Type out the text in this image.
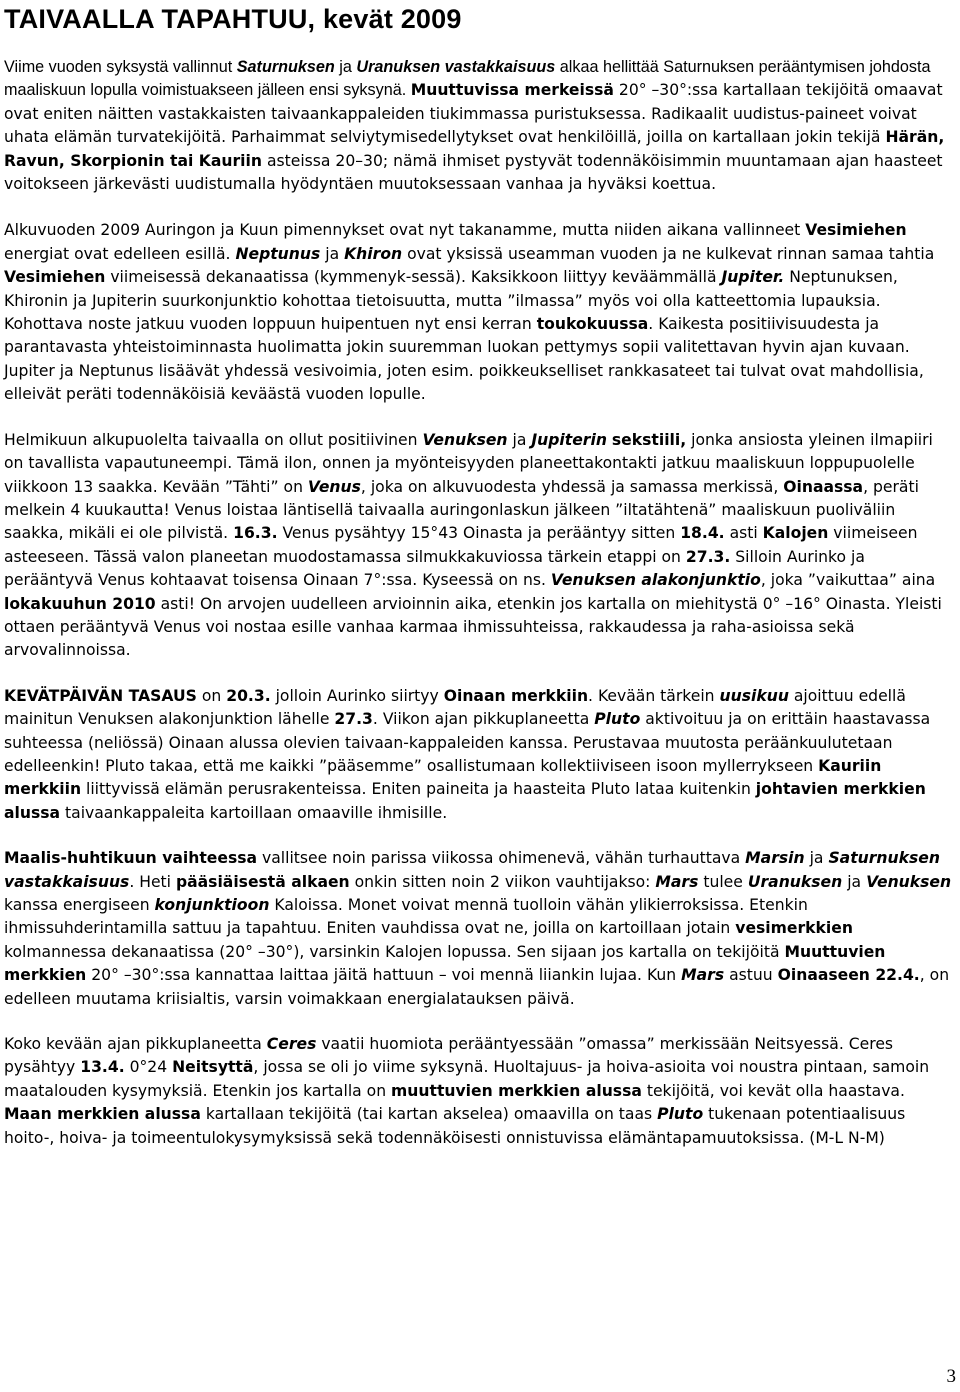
TAIVAALLA TAPAHTUU, kevät 2009

Viime vuoden syksystä vallinnut Saturnuksen ja Uranuksen vastakkaisuus alkaa hellittää Saturnuksen perääntymisen johdosta maaliskuun lopulla voimistuakseen jälleen ensi syksynä. Muuttuvissa merkeissä 20° –30°:ssa kartallaan tekijöitä omaavat ovat eniten näitten vastakkaisten taivaankappaleiden tiukimmassa puristuksessa. Radikaalit uudistus-paineet voivat uhata elämän turvatekijöitä. Parhaimmat selviytymisedellytykset ovat henkilöillä, joilla on kartallaan jokin tekijä Härän, Ravun, Skorpionin tai Kauriin asteissa 20–30; nämä ihmiset pystyvät todennäköisimmin muuntamaan ajan haasteet voitokseen järkevästi uudistumalla hyödyntäen muutoksessaan vanhaa ja hyväksi koettua.

Alkuvuoden 2009 Auringon ja Kuun pimennykset ovat nyt takanamme, mutta niiden aikana vallinneet Vesimiehen energiat ovat edelleen esillä. Neptunus ja Khiron ovat yksissä useamman vuoden ja ne kulkevat rinnan samaa tahtia Vesimiehen viimeisessä dekanaatissa (kymmenyk-sessä). Kaksikkoon liittyy keväämmällä Jupiter. Neptunuksen, Khironin ja Jupiterin suurkonjunktio kohottaa tietoisuutta, mutta ”ilmassa” myös voi olla katteettomia lupauksia. Kohottava noste jatkuu vuoden loppuun huipentuen nyt ensi kerran toukokuussa. Kaikesta positiivisuudesta ja parantavasta yhteistoiminnasta huolimatta jokin suuremman luokan pettymys sopii valitettavan hyvin ajan kuvaan. Jupiter ja Neptunus lisäävät yhdessä vesivoimia, joten esim. poikkeukselliset rankkasateet tai tulvat ovat mahdollisia, elleivät peräti todennäköisiä keväästä vuoden lopulle.

Helmikuun alkupuolelta taivaalla on ollut positiivinen Venuksen ja Jupiterin sekstiili, jonka ansiosta yleinen ilmapiiri on tavallista vapautuneempi. Tämä ilon, onnen ja myönteisyyden planeettakontakti jatkuu maaliskuun loppupuolelle viikkoon 13 saakka. Kevään ”Tähti” on Venus, joka on alkuvuodesta yhdessä ja samassa merkissä, Oinaassa, peräti melkein 4 kuukautta! Venus loistaa läntisellä taivaalla auringonlaskun jälkeen ”iltatähtenä” maaliskuun puoliväliin saakka, mikäli ei ole pilvistä. 16.3. Venus pysähtyy 15°43 Oinasta ja perääntyy sitten 18.4. asti Kalojen viimeiseen asteeseen. Tässä valon planeetan muodostamassa silmukkakuviossa tärkein etappi on 27.3. Silloin Aurinko ja perääntyvä Venus kohtaavat toisensa Oinaan 7°:ssa. Kyseessä on ns. Venuksen alakonjunktio, joka ”vaikuttaa” aina lokakuuhun 2010 asti! On arvojen uudelleen arvioinnin aika, etenkin jos kartalla on miehitystä 0° –16° Oinasta. Yleisti ottaen perääntyvä Venus voi nostaa esille vanhaa karmaa ihmissuhteissa, rakkaudessa ja raha-asioissa sekä arvovalinnoissa.

KEVÄTPÄIVÄN TASAUS on 20.3. jolloin Aurinko siirtyy Oinaan merkkiin. Kevään tärkein uusikuu ajoittuu edellä mainitun Venuksen alakonjunktion lähelle 27.3. Viikon ajan pikkuplaneetta Pluto aktivoituu ja on erittäin haastavassa suhteessa (neliössä) Oinaan alussa olevien taivaan-kappaleiden kanssa. Perustavaa muutosta peräänkuulutetaan edelleenkin! Pluto takaa, että me kaikki ”pääsemme” osallistumaan kollektiiviseen isoon myllerrykseen Kauriin merkkiin liittyvissä elämän perusrakenteissa. Eniten paineita ja haasteita Pluto lataa kuitenkin johtavien merkkien alussa taivaankappaleita kartoillaan omaaville ihmisille.

Maalis-huhtikuun vaihteessa vallitsee noin parissa viikossa ohimenevä, vähän turhauttava Marsin ja Saturnuksen vastakkaisuus. Heti pääsiäisestä alkaen onkin sitten noin 2 viikon vauhtijakso: Mars tulee Uranuksen ja Venuksen kanssa energiseen konjunktioon Kaloissa. Monet voivat mennä tuolloin vähän ylikierroksissa. Etenkin ihmissuhderintamilla sattuu ja tapahtuu. Eniten vauhdissa ovat ne, joilla on kartoillaan jotain vesimerkkien kolmannessa dekanaatissa (20° –30°), varsinkin Kalojen lopussa. Sen sijaan jos kartalla on tekijöitä Muuttuvien merkkien 20° –30°:ssa kannattaa laittaa jäitä hattuun – voi mennä liiankin lujaa. Kun Mars astuu Oinaaseen 22.4., on edelleen muutama kriisialtis, varsin voimakkaan energialatauksen päivä.

Koko kevään ajan pikkuplaneetta Ceres vaatii huomiota perääntyessään ”omassa” merkissään Neitsyessä. Ceres pysähtyy 13.4. 0°24 Neitsyttä, jossa se oli jo viime syksynä. Huoltajuus- ja hoiva-asioita voi noustra pintaan, samoin maatalouden kysymyksiä. Etenkin jos kartalla on muuttuvien merkkien alussa tekijöitä, voi kevät olla haastava. Maan merkkien alussa kartallaan tekijöitä (tai kartan akselea) omaavilla on taas Pluto tukenaan potentiaalisuus hoito-, hoiva- ja toimeentulokysymyksissä sekä todennäköisesti onnistuvissa elämäntapamuutoksissa. (M-L N-M)

3
